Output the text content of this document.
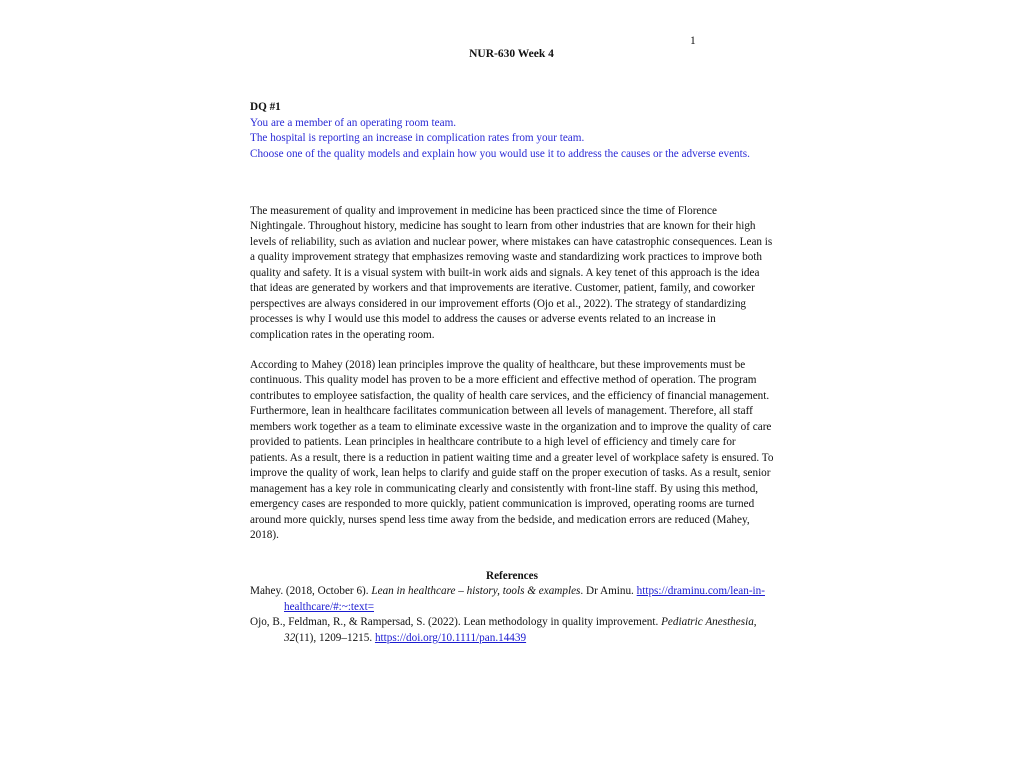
1
NUR-630 Week 4
DQ #1
You are a member of an operating room team.
The hospital is reporting an increase in complication rates from your team.
Choose one of the quality models and explain how you would use it to address the causes or the adverse events.
The measurement of quality and improvement in medicine has been practiced since the time of Florence Nightingale. Throughout history, medicine has sought to learn from other industries that are known for their high levels of reliability, such as aviation and nuclear power, where mistakes can have catastrophic consequences. Lean is a quality improvement strategy that emphasizes removing waste and standardizing work practices to improve both quality and safety. It is a visual system with built-in work aids and signals. A key tenet of this approach is the idea that ideas are generated by workers and that improvements are iterative. Customer, patient, family, and coworker perspectives are always considered in our improvement efforts (Ojo et al., 2022). The strategy of standardizing processes is why I would use this model to address the causes or adverse events related to an increase in complication rates in the operating room.
According to Mahey (2018) lean principles improve the quality of healthcare, but these improvements must be continuous. This quality model has proven to be a more efficient and effective method of operation. The program contributes to employee satisfaction, the quality of health care services, and the efficiency of financial management. Furthermore, lean in healthcare facilitates communication between all levels of management. Therefore, all staff members work together as a team to eliminate excessive waste in the organization and to improve the quality of care provided to patients. Lean principles in healthcare contribute to a high level of efficiency and timely care for patients. As a result, there is a reduction in patient waiting time and a greater level of workplace safety is ensured. To improve the quality of work, lean helps to clarify and guide staff on the proper execution of tasks. As a result, senior management has a key role in communicating clearly and consistently with front-line staff. By using this method, emergency cases are responded to more quickly, patient communication is improved, operating rooms are turned around more quickly, nurses spend less time away from the bedside, and medication errors are reduced (Mahey, 2018).
References
Mahey. (2018, October 6). Lean in healthcare – history, tools & examples. Dr Aminu. https://draminu.com/lean-in-healthcare/#:~:text=
Ojo, B., Feldman, R., & Rampersad, S. (2022). Lean methodology in quality improvement. Pediatric Anesthesia, 32(11), 1209–1215. https://doi.org/10.1111/pan.14439
